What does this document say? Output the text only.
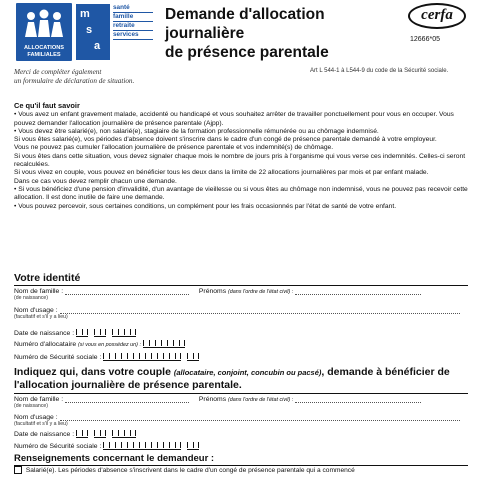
ALLOCATIONS
FAMILIALES
m
s
a
santé
famille
retraite
services
Demande d'allocation journalière
de présence parentale
cerfa
12666*05
Merci de compléter également
un formulaire de déclaration de situation.
Art L 544-1 à L544-9 du code de la Sécurité sociale.
Ce qu'il faut savoir
• Vous avez un enfant gravement malade, accidenté ou handicapé et vous souhaitez arrêter de travailler ponctuellement pour vous en occuper. Vous pouvez demander l'allocation journalière de présence parentale (Ajpp).
• Vous devez être salarié(e), non salarié(e), stagiaire de la formation professionnelle rémunérée ou au chômage indemnisé.
Si vous êtes salarié(e), vos périodes d'absence doivent s'inscrire dans le cadre d'un congé de présence parentale demandé à votre employeur.
Vous ne pouvez pas cumuler l'allocation journalière de présence parentale et vos indemnité(s) de chômage.
Si vous êtes dans cette situation, vous devez signaler chaque mois le nombre de jours pris à l'organisme qui vous verse ces indemnités. Celles-ci seront recalculées.
Si vous vivez en couple, vous pouvez en bénéficier tous les deux dans la limite de 22 allocations journalières par mois et par enfant malade.
Dans ce cas vous devez remplir chacun une demande.
• Si vous bénéficiez d'une pension d'invalidité, d'un avantage de vieillesse ou si vous êtes au chômage non indemnisé, vous ne pouvez pas recevoir cette allocation. Il est donc inutile de faire une demande.
• Vous pouvez percevoir, sous certaines conditions, un complément pour les frais occasionnés par l'état de santé de votre enfant.
Votre identité
Nom de famille :	Prénoms (dans l'ordre de l'état civil) :
(de naissance)
Nom d'usage :
(facultatif et s'il y a lieu)
Date de naissance :
Numéro d'allocataire (si vous en possédez un) :
Numéro de Sécurité sociale :
Indiquez qui, dans votre couple (allocataire, conjoint, concubin ou pacsé), demande à bénéficier de
l'allocation journalière de présence parentale.
Nom de famille :	Prénoms (dans l'ordre de l'état civil) :
(de naissance)
Nom d'usage :
(facultatif et s'il y a lieu)
Date de naissance :
Numéro de Sécurité sociale :
Renseignements concernant le demandeur :
Salarié(e). Les périodes d'absence s'inscrivent dans le cadre d'un congé de présence parentale qui a commencé
